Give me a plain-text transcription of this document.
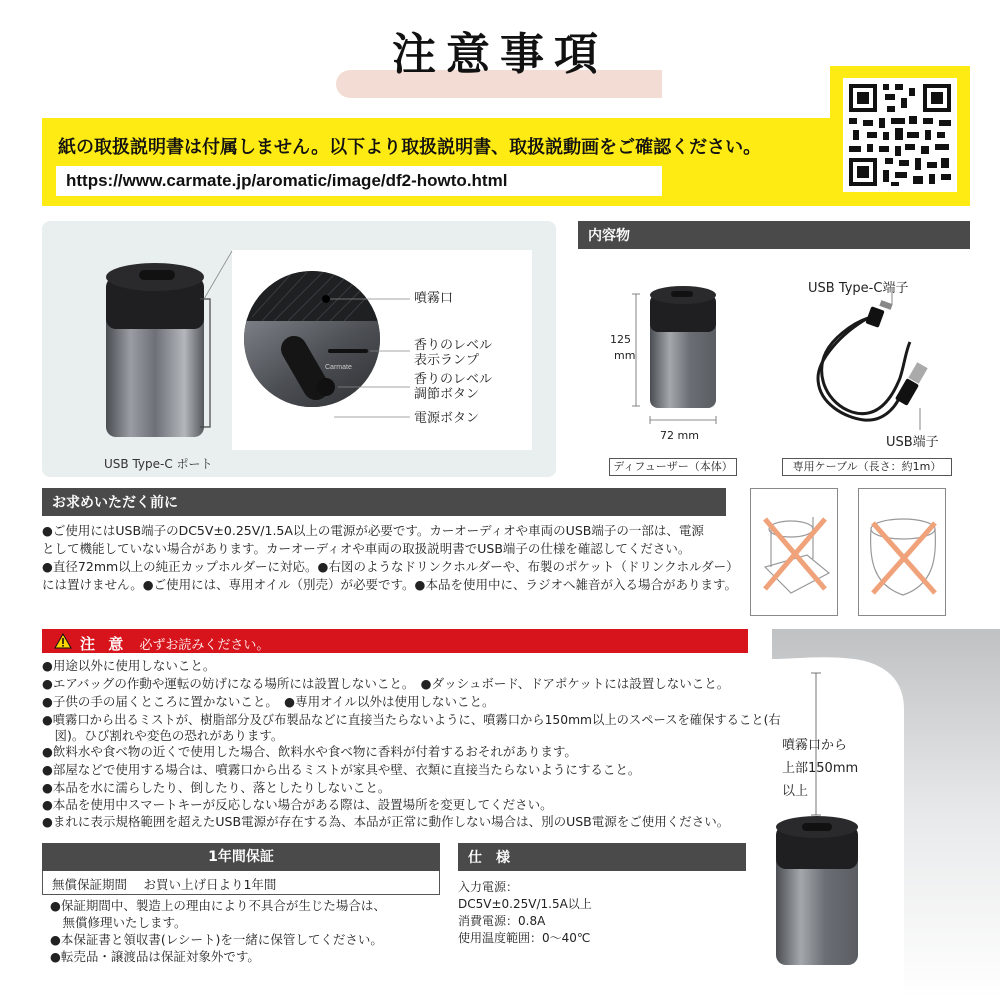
注意事項
紙の取扱説明書は付属しません。以下より取扱説明書、取扱説動画をご確認ください。
https://www.carmate.jp/aromatic/image/df2-howto.html
Carmate
噴霧口
香りのレベル
表示ランプ
香りのレベル
調節ボタン
電源ボタン
USB Type-C ポート
内容物
125
mm
72 mm
USB Type-C端子
USB端子
ディフューザー（本体）	専用ケーブル（長さ：約1m）
お求めいただく前に
●ご使用にはUSB端子のDC5V±0.25V/1.5A以上の電源が必要です。カーオーディオや車両のUSB端子の一部は、電源
として機能していない場合があります。カーオーディオや車両の取扱説明書でUSB端子の仕様を確認してください。
●直径72mm以上の純正カップホルダーに対応。●右図のようなドリンクホルダーや、布製のポケット（ドリンクホルダー）
には置けません。●ご使用には、専用オイル（別売）が必要です。●本品を使用中に、ラジオへ雑音が入る場合があります。
噴霧口から
上部150mm
以上
注 意 必ずお読みください。
●用途以外に使用しないこと。
●エアバッグの作動や運転の妨げになる場所には設置しないこと。　●ダッシュボード、ドアポケットには設置しないこと。
●子供の手の届くところに置かないこと。　●専用オイル以外は使用しないこと。
●噴霧口から出るミストが、樹脂部分及び布製品などに直接当たらないように、噴霧口から150mm以上のスペースを確保すること(右
　図)。ひび割れや変色の恐れがあります。
●飲料水や食べ物の近くで使用した場合、飲料水や食べ物に香料が付着するおそれがあります。
●部屋などで使用する場合は、噴霧口から出るミストが家具や壁、衣類に直接当たらないようにすること。
●本品を水に濡らしたり、倒したり、落としたりしないこと。
●本品を使用中スマートキーが反応しない場合がある際は、設置場所を変更してください。
●まれに表示規格範囲を超えたUSB電源が存在する為、本品が正常に動作しない場合は、別のUSB電源をご使用ください。
1年間保証
無償保証期間　 お買い上げ日より1年間
●保証期間中、製造上の理由により不具合が生じた場合は、
　無償修理いたします。
●本保証書と領収書(レシート)を一緒に保管してください。
●転売品・譲渡品は保証対象外です。
仕　様
入力電源：
DC5V±0.25V/1.5A以上
消費電源：0.8A
使用温度範囲：0～40℃
